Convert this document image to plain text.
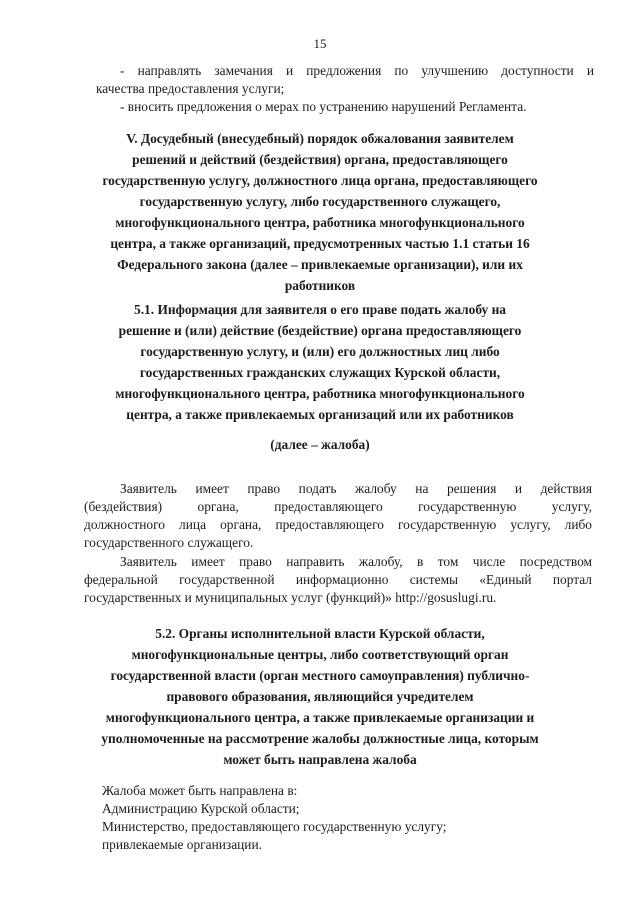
15
- направлять замечания и предложения по улучшению доступности и
качества предоставления услуги;
- вносить предложения о мерах по устранению нарушений Регламента.
V. Досудебный (внесудебный) порядок обжалования заявителем
решений и действий (бездействия) органа, предоставляющего
государственную услугу, должностного лица органа, предоставляющего
государственную услугу, либо государственного служащего,
многофункционального центра, работника многофункционального
центра, а также организаций, предусмотренных частью 1.1 статьи 16
Федерального закона (далее – привлекаемые организации), или их
работников
5.1. Информация для заявителя о его праве подать жалобу на
решение и (или) действие (бездействие) органа предоставляющего
государственную услугу, и (или) его должностных лиц либо
государственных гражданских служащих Курской области,
многофункционального центра, работника многофункционального
центра, а также привлекаемых организаций или их работников
(далее – жалоба)
Заявитель имеет право подать жалобу на решения и действия
(бездействия) органа, предоставляющего государственную услугу,
должностного лица органа, предоставляющего государственную услугу, либо
государственного служащего.
Заявитель имеет право направить жалобу, в том числе посредством
федеральной государственной информационно системы «Единый портал
государственных и муниципальных услуг (функций)» http://gosuslugi.ru.
5.2. Органы исполнительной власти Курской области,
многофункциональные центры, либо соответствующий орган
государственной власти (орган местного самоуправления) публично-
правового образования, являющийся учредителем
многофункционального центра, а также привлекаемые организации и
уполномоченные на рассмотрение жалобы должностные лица, которым
может быть направлена жалоба
Жалоба может быть направлена в:
Администрацию Курской области;
Министерство, предоставляющего государственную услугу;
привлекаемые организации.
